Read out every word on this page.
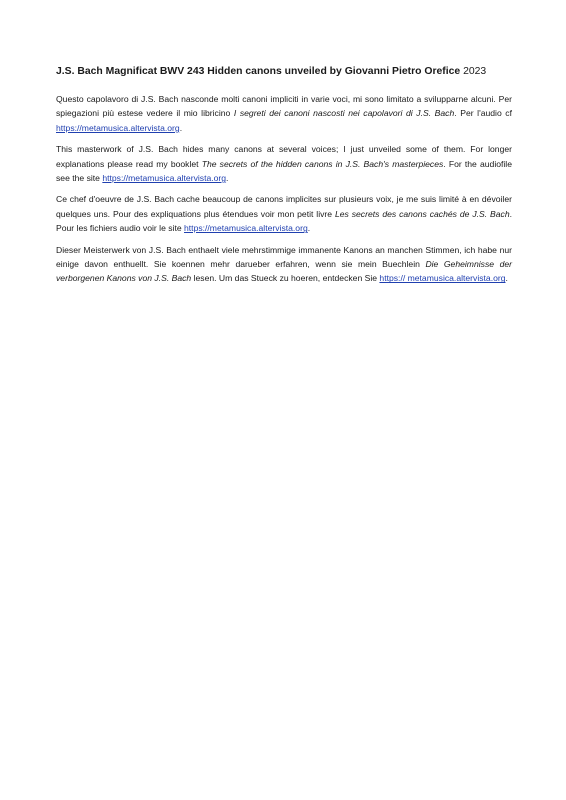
J.S. Bach Magnificat BWV 243 Hidden canons unveiled by Giovanni Pietro Orefice 2023

Questo capolavoro di J.S. Bach nasconde molti canoni impliciti in varie voci, mi sono limitato a svilupparne alcuni. Per spiegazioni più estese vedere il mio libricino I segreti dei canoni nascosti nei capolavori di J.S. Bach. Per l'audio cf https://metamusica.altervista.org.

This masterwork of J.S. Bach hides many canons at several voices; I just unveiled some of them. For longer explanations please read my booklet The secrets of the hidden canons in J.S. Bach's masterpieces. For the audiofile see the site https://metamusica.altervista.org.

Ce chef d'oeuvre de J.S. Bach cache beaucoup de canons implicites sur plusieurs voix, je me suis limité à en dévoiler quelques uns. Pour des expliquations plus étendues voir mon petit livre Les secrets des canons cachés de J.S. Bach. Pour les fichiers audio voir le site https://metamusica.altervista.org.

Dieser Meisterwerk von J.S. Bach enthaelt viele mehrstimmige immanente Kanons an manchen Stimmen, ich habe nur einige davon enthuellt. Sie koennen mehr darueber erfahren, wenn sie mein Buechlein Die Geheimnisse der verborgenen Kanons von J.S. Bach lesen. Um das Stueck zu hoeren, entdecken Sie https:// metamusica.altervista.org.
